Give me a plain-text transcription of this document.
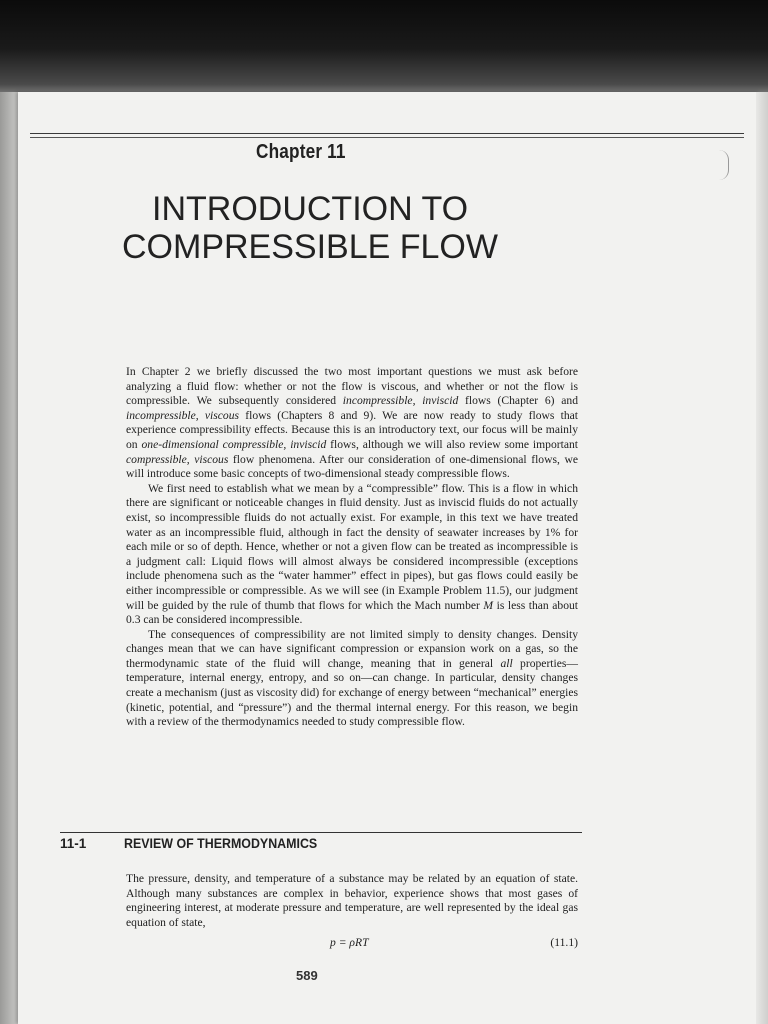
Chapter 11
INTRODUCTION TO
COMPRESSIBLE FLOW

In Chapter 2 we briefly discussed the two most important questions we must ask before analyzing a fluid flow: whether or not the flow is viscous, and whether or not the flow is compressible. We subsequently considered incompressible, inviscid flows (Chapter 6) and incompressible, viscous flows (Chapters 8 and 9). We are now ready to study flows that experience compressibility effects. Because this is an introductory text, our focus will be mainly on one-dimensional compressible, inviscid flows, although we will also review some important compressible, viscous flow phenomena. After our consideration of one-dimensional flows, we will introduce some basic concepts of two-dimensional steady compressible flows.

We first need to establish what we mean by a “compressible” flow. This is a flow in which there are significant or noticeable changes in fluid density. Just as inviscid fluids do not actually exist, so incompressible fluids do not actually exist. For example, in this text we have treated water as an incompressible fluid, although in fact the density of seawater increases by 1% for each mile or so of depth. Hence, whether or not a given flow can be treated as incompressible is a judgment call: Liquid flows will almost always be considered incompressible (exceptions include phenomena such as the “water hammer” effect in pipes), but gas flows could easily be either incompressible or compressible. As we will see (in Example Problem 11.5), our judgment will be guided by the rule of thumb that flows for which the Mach number M is less than about 0.3 can be considered incompressible.

The consequences of compressibility are not limited simply to density changes. Density changes mean that we can have significant compression or expansion work on a gas, so the thermodynamic state of the fluid will change, meaning that in general all properties—temperature, internal energy, entropy, and so on—can change. In particular, density changes create a mechanism (just as viscosity did) for exchange of energy between “mechanical” energies (kinetic, potential, and “pressure”) and the thermal internal energy. For this reason, we begin with a review of the thermodynamics needed to study compressible flow.

11-1	REVIEW OF THERMODYNAMICS

The pressure, density, and temperature of a substance may be related by an equation of state. Although many substances are complex in behavior, experience shows that most gases of engineering interest, at moderate pressure and temperature, are well represented by the ideal gas equation of state,

p = ρRT	(11.1)
589
